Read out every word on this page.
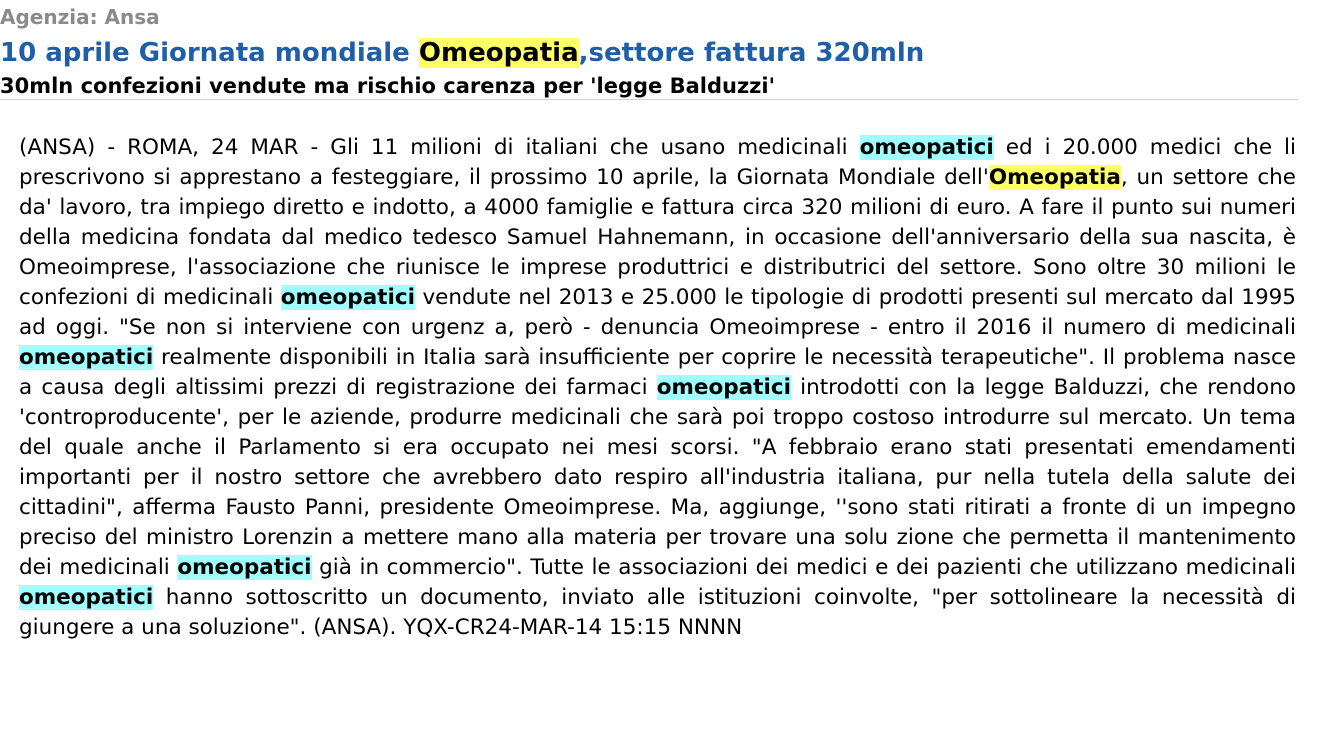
Agenzia: Ansa
10 aprile Giornata mondiale Omeopatia,settore fattura 320mln
30mln confezioni vendute ma rischio carenza per 'legge Balduzzi'
(ANSA) - ROMA, 24 MAR - Gli 11 milioni di italiani che usano medicinali omeopatici ed i 20.000 medici che li prescrivono si apprestano a festeggiare, il prossimo 10 aprile, la Giornata Mondiale dell'Omeopatia, un settore che da' lavoro, tra impiego diretto e indotto, a 4000 famiglie e fattura circa 320 milioni di euro. A fare il punto sui numeri della medicina fondata dal medico tedesco Samuel Hahnemann, in occasione dell'anniversario della sua nascita, è Omeoimprese, l'associazione che riunisce le imprese produttrici e distributrici del settore. Sono oltre 30 milioni le confezioni di medicinali omeopatici vendute nel 2013 e 25.000 le tipologie di prodotti presenti sul mercato dal 1995 ad oggi. "Se non si interviene con urgenz a, però - denuncia Omeoimprese - entro il 2016 il numero di medicinali omeopatici realmente disponibili in Italia sarà insufficiente per coprire le necessità terapeutiche". Il problema nasce a causa degli altissimi prezzi di registrazione dei farmaci omeopatici introdotti con la legge Balduzzi, che rendono 'controproducente', per le aziende, produrre medicinali che sarà poi troppo costoso introdurre sul mercato. Un tema del quale anche il Parlamento si era occupato nei mesi scorsi. "A febbraio erano stati presentati emendamenti importanti per il nostro settore che avrebbero dato respiro all'industria italiana, pur nella tutela della salute dei cittadini", afferma Fausto Panni, presidente Omeoimprese. Ma, aggiunge, ''sono stati ritirati a fronte di un impegno preciso del ministro Lorenzin a mettere mano alla materia per trovare una solu zione che permetta il mantenimento dei medicinali omeopatici già in commercio". Tutte le associazioni dei medici e dei pazienti che utilizzano medicinali omeopatici hanno sottoscritto un documento, inviato alle istituzioni coinvolte, "per sottolineare la necessità di giungere a una soluzione". (ANSA). YQX-CR24-MAR-14 15:15 NNNN
